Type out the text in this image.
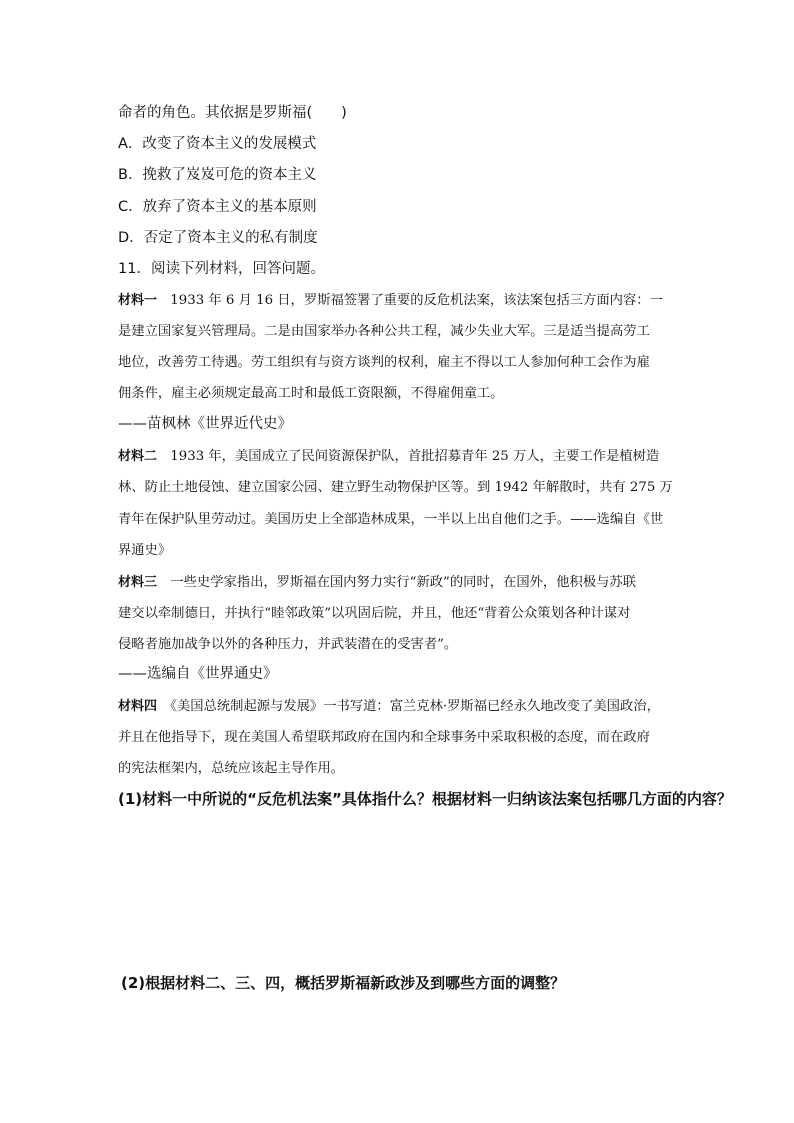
命者的角色。其依据是罗斯福(　　)
A．改变了资本主义的发展模式
B．挽救了岌岌可危的资本主义
C．放弃了资本主义的基本原则
D．否定了资本主义的私有制度
11．阅读下列材料，回答问题。
材料一　1933 年 6 月 16 日，罗斯福签署了重要的反危机法案，该法案包括三方面内容：一
是建立国家复兴管理局。二是由国家举办各种公共工程，减少失业大军。三是适当提高劳工
地位，改善劳工待遇。劳工组织有与资方谈判的权利，雇主不得以工人参加何种工会作为雇
佣条件，雇主必须规定最高工时和最低工资限额，不得雇佣童工。
——苗枫林《世界近代史》
材料二　1933 年，美国成立了民间资源保护队，首批招募青年 25 万人，主要工作是植树造
林、防止土地侵蚀、建立国家公园、建立野生动物保护区等。到 1942 年解散时，共有 275 万
青年在保护队里劳动过。美国历史上全部造林成果，一半以上出自他们之手。——选编自《世
界通史》
材料三　一些史学家指出，罗斯福在国内努力实行“新政”的同时，在国外，他积极与苏联
建交以牵制德日，并执行“睦邻政策”以巩固后院，并且，他还“背着公众策划各种计谋对
侵略者施加战争以外的各种压力，并武装潜在的受害者”。
——选编自《世界通史》
材料四　《美国总统制起源与发展》一书写道：富兰克林·罗斯福已经永久地改变了美国政治，
并且在他指导下，现在美国人希望联邦政府在国内和全球事务中采取积极的态度，而在政府
的宪法框架内，总统应该起主导作用。
(1)材料一中所说的“反危机法案”具体指什么？根据材料一归纳该法案包括哪几方面的内容？
(2)根据材料二、三、四，概括罗斯福新政涉及到哪些方面的调整？
